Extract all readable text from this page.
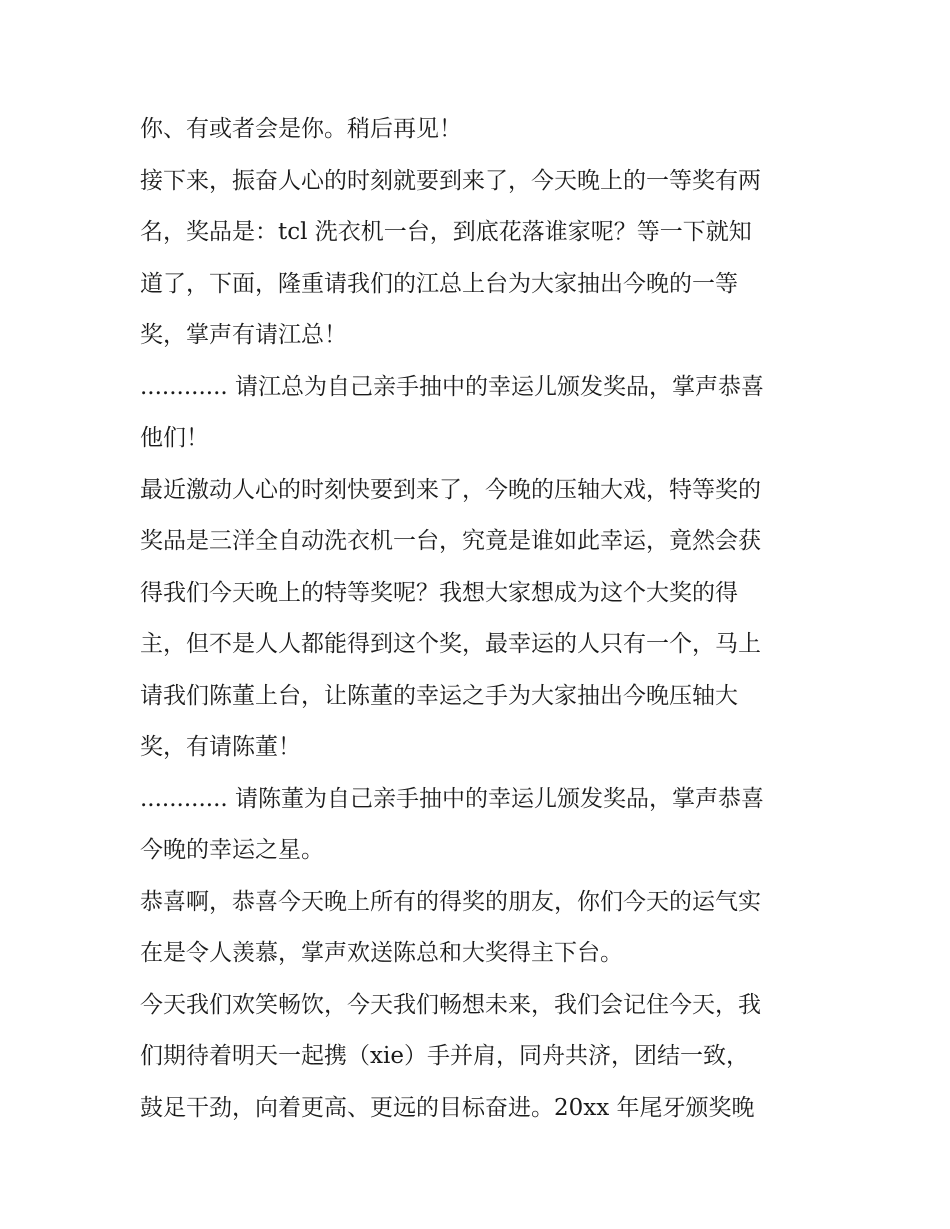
你、有或者会是你。稍后再见！
接下来，振奋人心的时刻就要到来了，今天晚上的一等奖有两
名，奖品是：tcl 洗衣机一台，到底花落谁家呢？等一下就知
道了，下面，隆重请我们的江总上台为大家抽出今晚的一等
奖，掌声有请江总！
............ 请江总为自己亲手抽中的幸运儿颁发奖品，掌声恭喜
他们！
最近激动人心的时刻快要到来了，今晚的压轴大戏，特等奖的
奖品是三洋全自动洗衣机一台，究竟是谁如此幸运，竟然会获
得我们今天晚上的特等奖呢？我想大家想成为这个大奖的得
主，但不是人人都能得到这个奖，最幸运的人只有一个，马上
请我们陈董上台，让陈董的幸运之手为大家抽出今晚压轴大
奖，有请陈董！
............ 请陈董为自己亲手抽中的幸运儿颁发奖品，掌声恭喜
今晚的幸运之星。
恭喜啊，恭喜今天晚上所有的得奖的朋友，你们今天的运气实
在是令人羡慕，掌声欢送陈总和大奖得主下台。
今天我们欢笑畅饮，今天我们畅想未来，我们会记住今天，我
们期待着明天一起携（xie）手并肩，同舟共济，团结一致，
鼓足干劲，向着更高、更远的目标奋进。20xx 年尾牙颁奖晚
